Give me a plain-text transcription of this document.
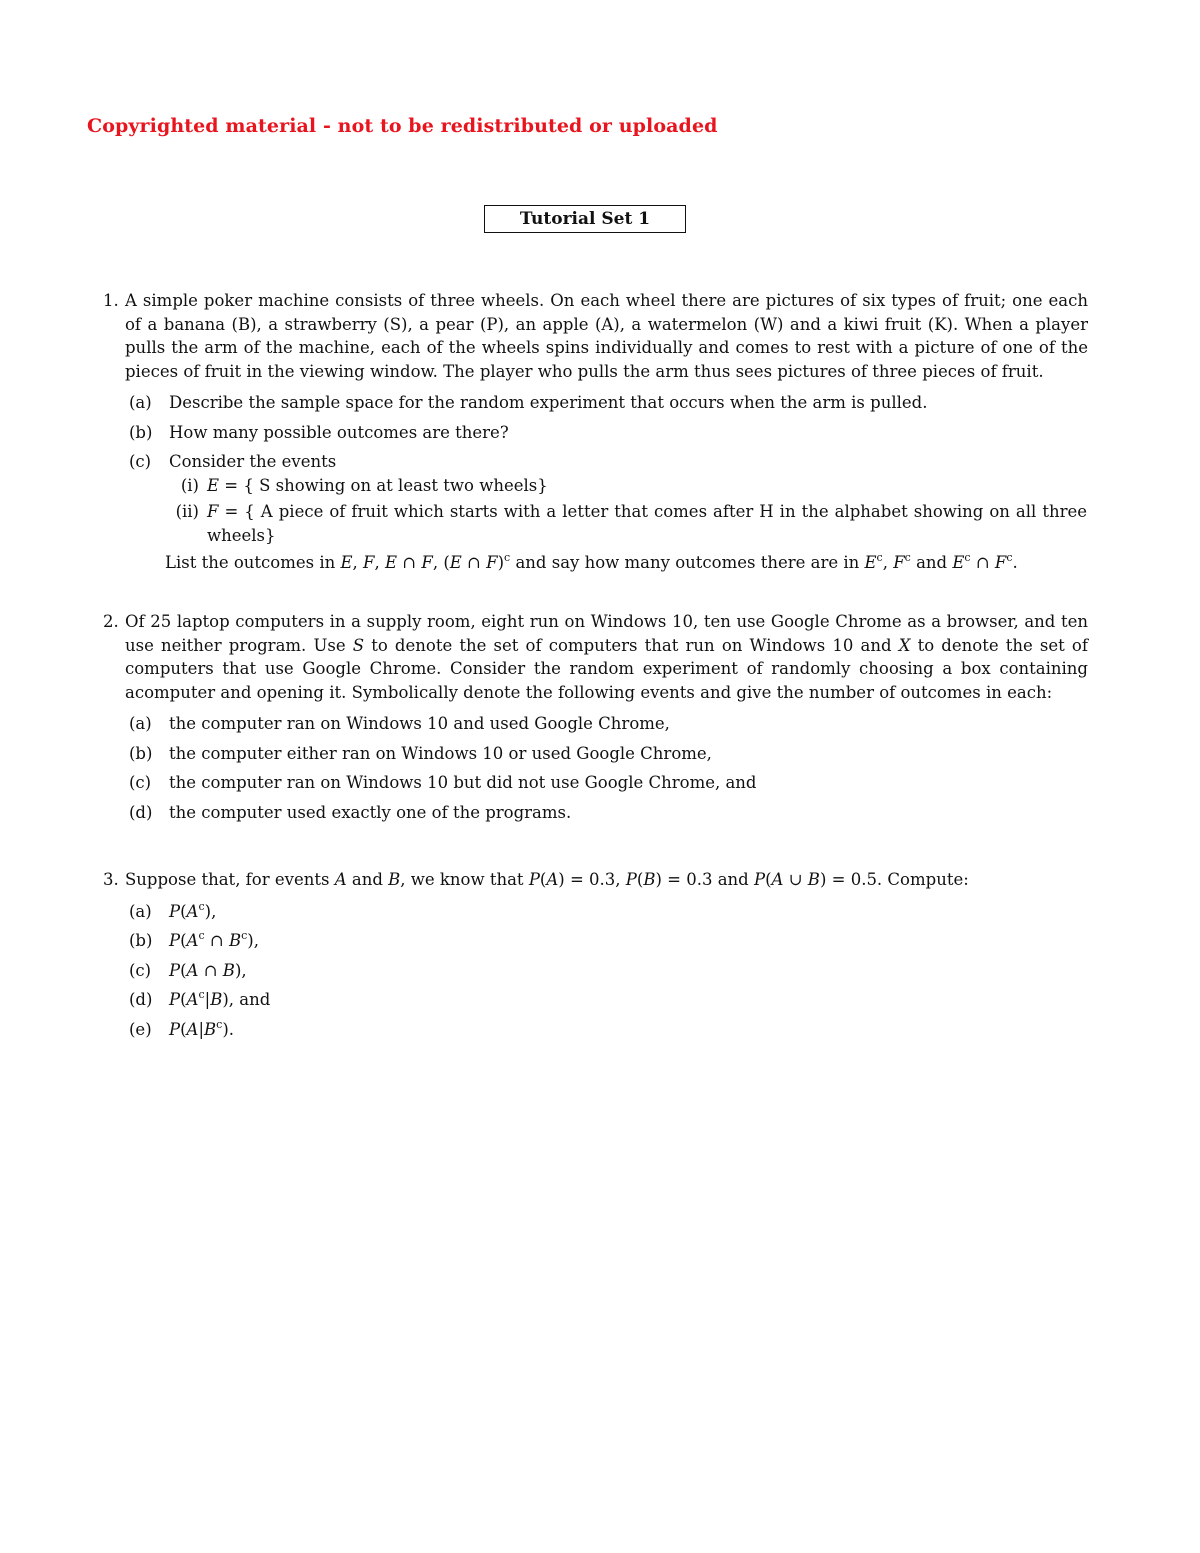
Copyrighted material - not to be redistributed or uploaded
Tutorial Set 1
1. A simple poker machine consists of three wheels. On each wheel there are pictures of six types of fruit; one each of a banana (B), a strawberry (S), a pear (P), an apple (A), a watermelon (W) and a kiwi fruit (K). When a player pulls the arm of the machine, each of the wheels spins individually and comes to rest with a picture of one of the pieces of fruit in the viewing window. The player who pulls the arm thus sees pictures of three pieces of fruit.
(a) Describe the sample space for the random experiment that occurs when the arm is pulled.
(b) How many possible outcomes are there?
(c) Consider the events
(i) E = { S showing on at least two wheels}
(ii) F = { A piece of fruit which starts with a letter that comes after H in the alphabet showing on all three wheels}
List the outcomes in E, F, E ∩ F, (E ∩ F)$^c$ and say how many outcomes there are in $E^c$, $F^c$ and $E^c$ ∩ $F^c$.
2. Of 25 laptop computers in a supply room, eight run on Windows 10, ten use Google Chrome as a browser, and ten use neither program. Use S to denote the set of computers that run on Windows 10 and X to denote the set of computers that use Google Chrome. Consider the random experiment of randomly choosing a box containing acomputer and opening it. Symbolically denote the following events and give the number of outcomes in each:
(a) the computer ran on Windows 10 and used Google Chrome,
(b) the computer either ran on Windows 10 or used Google Chrome,
(c) the computer ran on Windows 10 but did not use Google Chrome, and
(d) the computer used exactly one of the programs.
3. Suppose that, for events A and B, we know that P(A) = 0.3, P(B) = 0.3 and P(A ∪ B) = 0.5. Compute:
(a) $P(A^c)$,
(b) $P(A^c$ ∩ $B^c$),
(c) P(A ∩ B),
(d) $P(A^c|B)$, and
(e) $P(A|B^c)$.
